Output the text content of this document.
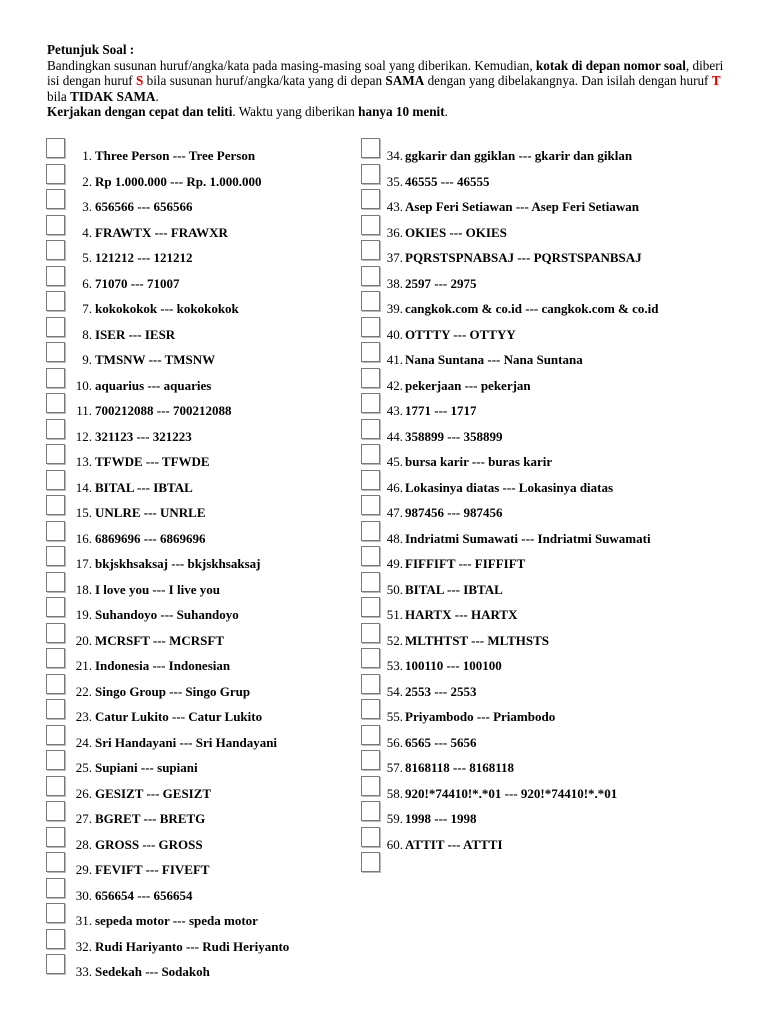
Petunjuk Soal :

Bandingkan susunan huruf/angka/kata pada masing-masing soal yang diberikan. Kemudian, kotak di depan nomor soal, diberi isi dengan huruf S bila susunan huruf/angka/kata yang di depan SAMA dengan yang dibelakangnya. Dan isilah dengan huruf T bila TIDAK SAMA.

Kerjakan dengan cepat dan teliti. Waktu yang diberikan hanya 10 menit.

1. Three Person --- Tree Person
2. Rp 1.000.000 --- Rp. 1.000.000
3. 656566 --- 656566
4. FRAWTX --- FRAWXR
5. 121212 --- 121212
6. 71070 --- 71007
7. kokokokok --- kokokokok
8. ISER --- IESR
9. TMSNW --- TMSNW
10. aquarius --- aquaries
11. 700212088 --- 700212088
12. 321123 --- 321223
13. TFWDE --- TFWDE
14. BITAL --- IBTAL
15. UNLRE --- UNRLE
16. 6869696 --- 6869696
17. bkjskhsaksaj --- bkjskhsaksaj
18. I love you --- I live you
19. Suhandoyo --- Suhandoyo
20. MCRSFT --- MCRSFT
21. Indonesia --- Indonesian
22. Singo Group --- Singo Grup
23. Catur Lukito --- Catur Lukito
24. Sri Handayani --- Sri Handayani
25. Supiani --- supiani
26. GESIZT --- GESIZT
27. BGRET --- BRETG
28. GROSS --- GROSS
29. FEVIFT --- FIVEFT
30. 656654 --- 656654
31. sepeda motor --- speda motor
32. Rudi Hariyanto --- Rudi Heriyanto
33. Sedekah --- Sodakoh
34. ggkarir dan ggiklan --- gkarir dan giklan
35. 46555 --- 46555
43. Asep Feri Setiawan --- Asep Feri Setiawan
36. OKIES --- OKIES
37. PQRSTSPNABSAJ --- PQRSTSPANBSAJ
38. 2597 --- 2975
39. cangkok.com & co.id --- cangkok.com & co.id
40. OTTTY --- OTTYY
41. Nana Suntana --- Nana Suntana
42. pekerjaan --- pekerjan
43. 1771 --- 1717
44. 358899 --- 358899
45. bursa karir --- buras karir
46. Lokasinya diatas --- Lokasinya diatas
47. 987456 --- 987456
48. Indriatmi Sumawati --- Indriatmi Suwamati
49. FIFFIFT --- FIFFIFT
50. BITAL --- IBTAL
51. HARTX --- HARTX
52. MLTHTST --- MLTHSTS
53. 100110 --- 100100
54. 2553 --- 2553
55. Priyambodo --- Priambodo
56. 6565 --- 5656
57. 8168118 --- 8168118
58. 920!*74410!*.*01 --- 920!*74410!*.*01
59. 1998 --- 1998
60. ATTIT --- ATTTI
